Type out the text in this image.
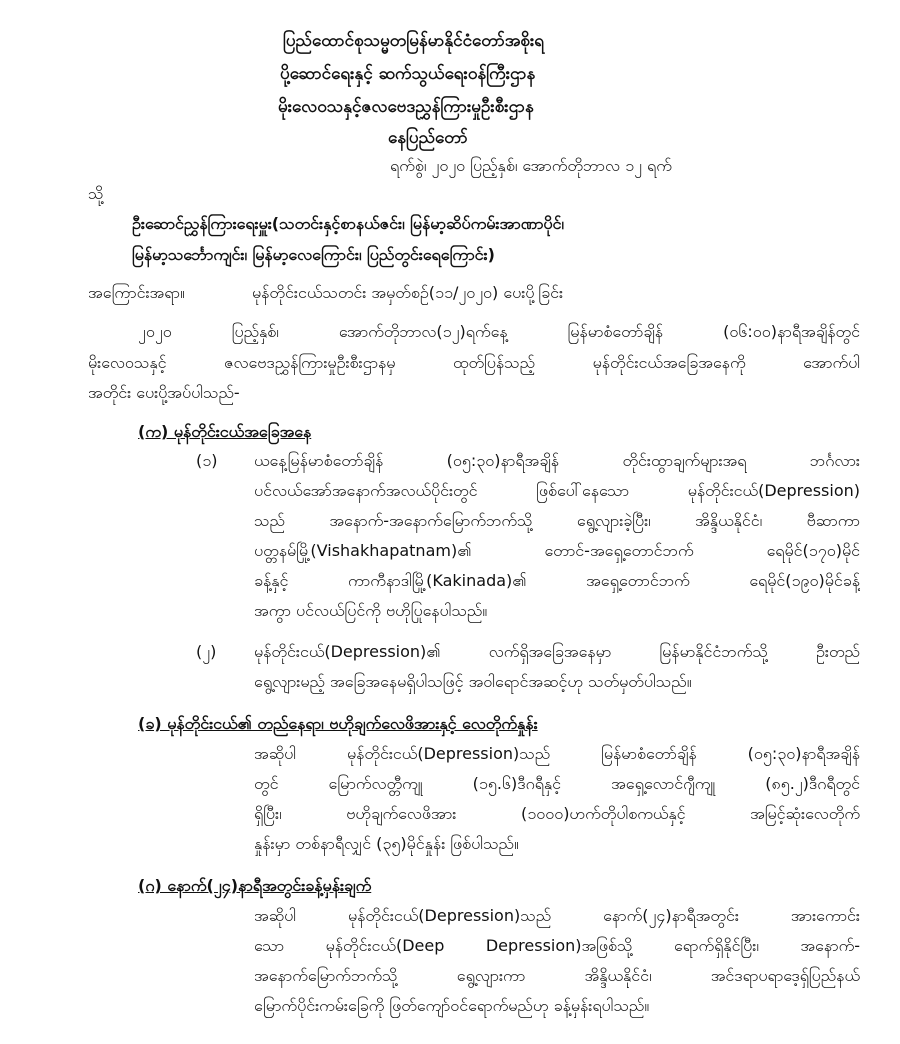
ပြည်ထောင်စုသမ္မတမြန်မာနိုင်ငံတော်အစိုးရ
ပို့ဆောင်ရေးနှင့် ဆက်သွယ်ရေးဝန်ကြီးဌာန
မိုးလေဝသနှင့်ဇလဗေဒညွှန်ကြားမှုဦးစီးဌာန
နေပြည်တော်
ရက်စွဲ၊ ၂၀၂၀ ပြည့်နှစ်၊ အောက်တိုဘာလ ၁၂ ရက်
သို့
ဦးဆောင်ညွှန်ကြားရေးမှူး(သတင်းနှင့်စာနယ်ဇင်း၊ မြန်မာ့ဆိပ်ကမ်းအာဏာပိုင်၊
မြန်မာ့သင်္ဘောကျင်း၊ မြန်မာ့လေကြောင်း၊ ပြည်တွင်းရေကြောင်း)
အကြောင်းအရာ။	မုန်တိုင်းငယ်သတင်း အမှတ်စဉ်(၁၁/၂၀၂၀) ပေးပို့ခြင်း
၂၀၂၀ ပြည့်နှစ်၊ အောက်တိုဘာလ(၁၂)ရက်နေ့ မြန်မာစံတော်ချိန် (၀၆:၀၀)နာရီအချိန်တွင်
မိုးလေဝသနှင့် ဇလဗေဒညွှန်ကြားမှုဦးစီးဌာနမှ ထုတ်ပြန်သည့် မုန်တိုင်းငယ်အခြေအနေကို အောက်ပါ
အတိုင်း ပေးပို့အပ်ပါသည်-
(က) မုန်တိုင်းငယ်အခြေအနေ
(၁)	ယနေ့မြန်မာစံတော်ချိန် (၀၅:၃၀)နာရီအချိန် တိုင်းထွာချက်များအရ ဘင်္ဂလား
ပင်လယ်အော်အနောက်အလယ်ပိုင်းတွင် ဖြစ်ပေါ်နေသော မုန်တိုင်းငယ်(Depression)
သည် အနောက်-အနောက်မြောက်ဘက်သို့ ရွေ့လျားခဲ့ပြီး၊ အိန္ဒိယနိုင်ငံ၊ ဗီဆာကာ
ပတ္တနမ်မြို့(Vishakhapatnam)၏ တောင်-အရှေ့တောင်ဘက် ရေမိုင်(၁၇၀)မိုင်
ခန့်နှင့် ကာကီနာဒါမြို့(Kakinada)၏ အရှေ့တောင်ဘက် ရေမိုင်(၁၉၀)မိုင်ခန့်
အကွာ ပင်လယ်ပြင်ကို ဗဟိုပြုနေပါသည်။
(၂)	မုန်တိုင်းငယ်(Depression)၏ လက်ရှိအခြေအနေမှာ မြန်မာနိုင်ငံဘက်သို့ ဦးတည်
ရွေ့လျားမည့် အခြေအနေမရှိပါသဖြင့် အဝါရောင်အဆင့်ဟု သတ်မှတ်ပါသည်။
(ခ) မုန်တိုင်းငယ်၏ တည်နေရာ၊ ဗဟိုချက်လေဖိအားနှင့် လေတိုက်နှုန်း
အဆိုပါ မုန်တိုင်းငယ်(Depression)သည် မြန်မာစံတော်ချိန် (၀၅:၃၀)နာရီအချိန်
တွင် မြောက်လတ္တီကျု (၁၅.၆)ဒီဂရီနှင့် အရှေ့လောင်ဂျီကျု (၈၅.၂)ဒီဂရီတွင်
ရှိပြီး၊ ဗဟိုချက်လေဖိအား (၁၀၀၀)ဟက်တိုပါစကယ်နှင့် အမြင့်ဆုံးလေတိုက်
နှုန်းမှာ တစ်နာရီလျှင် (၃၅)မိုင်နှုန်း ဖြစ်ပါသည်။
(ဂ) နောက်(၂၄)နာရီအတွင်းခန့်မှန်းချက်
အဆိုပါ မုန်တိုင်းငယ်(Depression)သည် နောက်(၂၄)နာရီအတွင်း အားကောင်း
သော မုန်တိုင်းငယ်(Deep Depression)အဖြစ်သို့ ရောက်ရှိနိုင်ပြီး၊ အနောက်-
အနောက်မြောက်ဘက်သို့ ရွေ့လျားကာ အိန္ဒိယနိုင်ငံ၊ အင်ဒရာပရာဒေ့ရှ်ပြည်နယ်
မြောက်ပိုင်းကမ်းခြေကို ဖြတ်ကျော်ဝင်ရောက်မည်ဟု ခန့်မှန်းရပါသည်။
